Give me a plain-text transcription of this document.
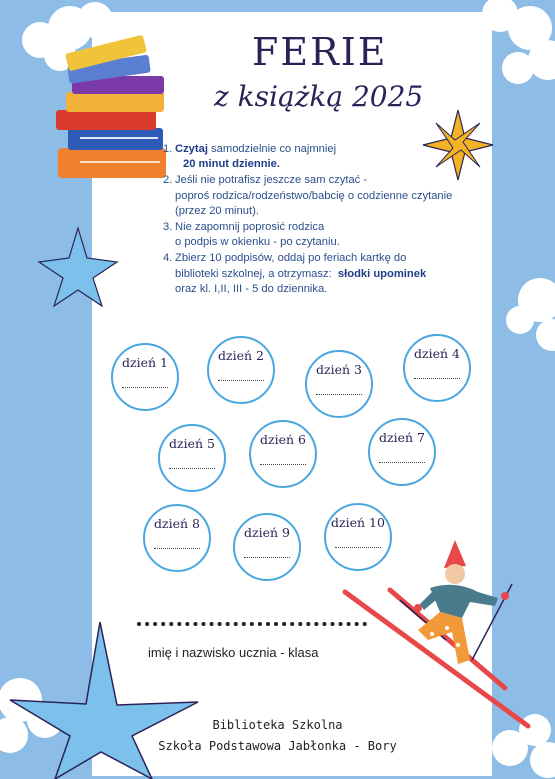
FERIE
z książką 2025
1. Czytaj samodzielnie co najmniej
20 minut dziennie.
2. Jeśli nie potrafisz jeszcze sam czytać -
poproś rodzica/rodzeństwo/babcię o codzienne czytanie
(przez 20 minut).
3. Nie zapomnij poprosić rodzica
o podpis w okienku - po czytaniu.
4. Zbierz 10 podpisów, oddaj po feriach kartkę do
biblioteki szkolnej, a otrzymasz: słodki upominek
oraz kl. I,II, III - 5 do dziennika.
dzień 1	dzień 2
dzień 3
dzień 4
dzień 5	dzień 6	dzień 7
dzień 8
dzień 9
dzień 10
imię i nazwisko ucznia - klasa
Biblioteka Szkolna
Szkoła Podstawowa Jabłonka - Bory
